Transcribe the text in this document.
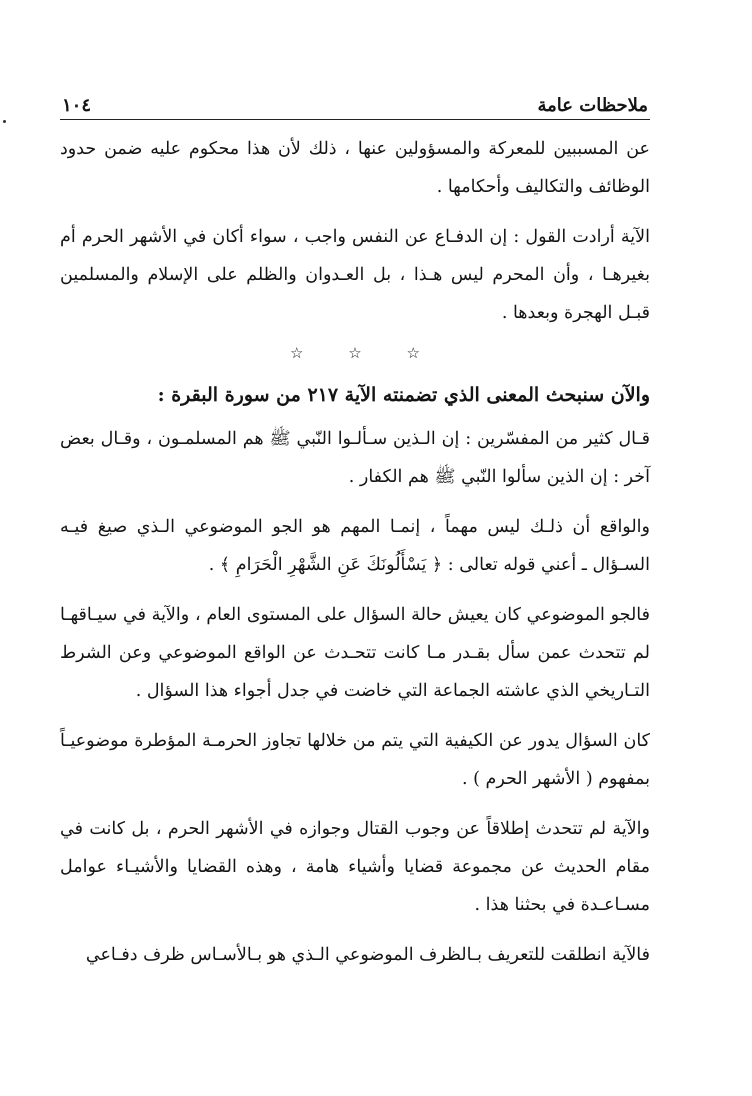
ملاحظات عامة
١٠٤

عن المسببين للمعركة والمسؤولين عنها ، ذلك لأن هذا محكوم عليه ضمن حدود الوظائف والتكاليف وأحكامها .

الآية أرادت القول : إن الدفـاع عن النفس واجب ، سواء أكان في الأشهر الحرم أم بغيرهـا ، وأن المحرم ليس هـذا ، بل العـدوان والظلم على الإسلام والمسلمين قبـل الهجرة وبعدها .

☆ ☆ ☆

والآن سنبحث المعنى الذي تضمنته الآية ٢١٧ من سورة البقرة :

قـال كثير من المفسّرين : إن الـذين سـألـوا النّبي ﷺ هم المسلمـون ، وقـال بعض آخر : إن الذين سألوا النّبي ﷺ هم الكفار .

والواقع أن ذلـك ليس مهماً ، إنمـا المهم هو الجو الموضوعي الـذي صيغ فيـه السـؤال ـ أعني قوله تعالى : ﴿ يَسْأَلُونَكَ عَنِ الشَّهْرِ الْحَرَامِ ﴾ .

فالجو الموضوعي كان يعيش حالة السؤال على المستوى العام ، والآية في سيـاقهـا لم تتحدث عمن سأل بقـدر مـا كانت تتحـدث عن الواقع الموضوعي وعن الشرط التـاريخي الذي عاشته الجماعة التي خاضت في جدل أجواء هذا السؤال .

كان السؤال يدور عن الكيفية التي يتم من خلالها تجاوز الحرمـة المؤطرة موضوعيـاً بمفهوم ( الأشهر الحرم ) .

والآية لم تتحدث إطلاقاً عن وجوب القتال وجوازه في الأشهر الحرم ، بل كانت في مقام الحديث عن مجموعة قضايا وأشياء هامة ، وهذه القضايا والأشيـاء عوامل مسـاعـدة في بحثنا هذا .

فالآية انطلقت للتعريف بـالظرف الموضوعي الـذي هو بـالأسـاس ظرف دفـاعي
